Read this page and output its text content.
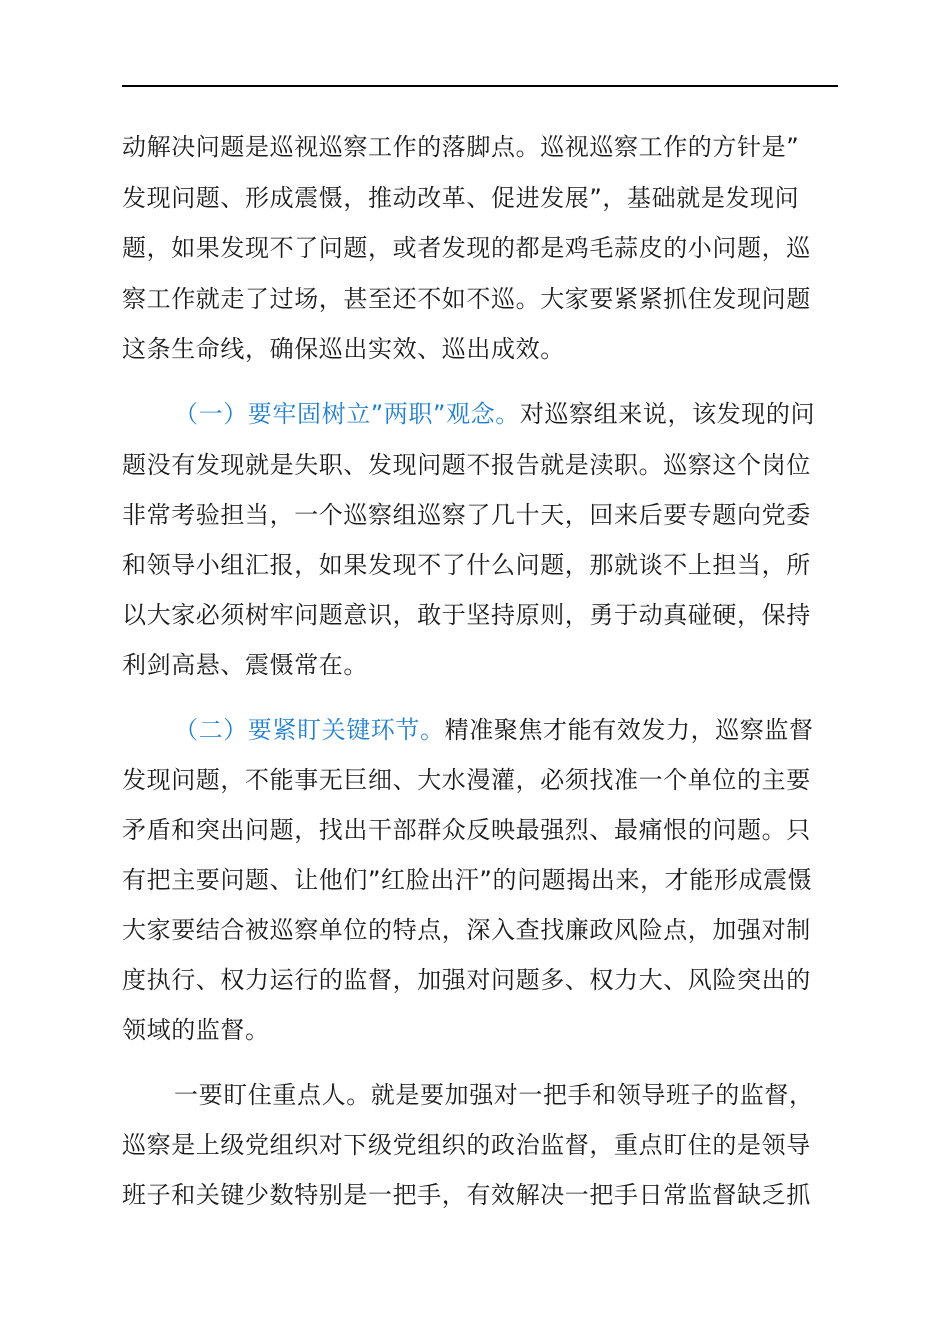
动解决问题是巡视巡察工作的落脚点。巡视巡察工作的方针是”
发现问题、形成震慑，推动改革、促进发展”，基础就是发现问
题，如果发现不了问题，或者发现的都是鸡毛蒜皮的小问题，巡
察工作就走了过场，甚至还不如不巡。大家要紧紧抓住发现问题
这条生命线，确保巡出实效、巡出成效。
（一）要牢固树立”两职”观念。对巡察组来说，该发现的问
题没有发现就是失职、发现问题不报告就是渎职。巡察这个岗位
非常考验担当，一个巡察组巡察了几十天，回来后要专题向党委
和领导小组汇报，如果发现不了什么问题，那就谈不上担当，所
以大家必须树牢问题意识，敢于坚持原则，勇于动真碰硬，保持
利剑高悬、震慑常在。
（二）要紧盯关键环节。精准聚焦才能有效发力，巡察监督
发现问题，不能事无巨细、大水漫灌，必须找准一个单位的主要
矛盾和突出问题，找出干部群众反映最强烈、最痛恨的问题。只
有把主要问题、让他们”红脸出汗”的问题揭出来，才能形成震慑
大家要结合被巡察单位的特点，深入查找廉政风险点，加强对制
度执行、权力运行的监督，加强对问题多、权力大、风险突出的
领域的监督。
一要盯住重点人。就是要加强对一把手和领导班子的监督，
巡察是上级党组织对下级党组织的政治监督，重点盯住的是领导
班子和关键少数特别是一把手，有效解决一把手日常监督缺乏抓
